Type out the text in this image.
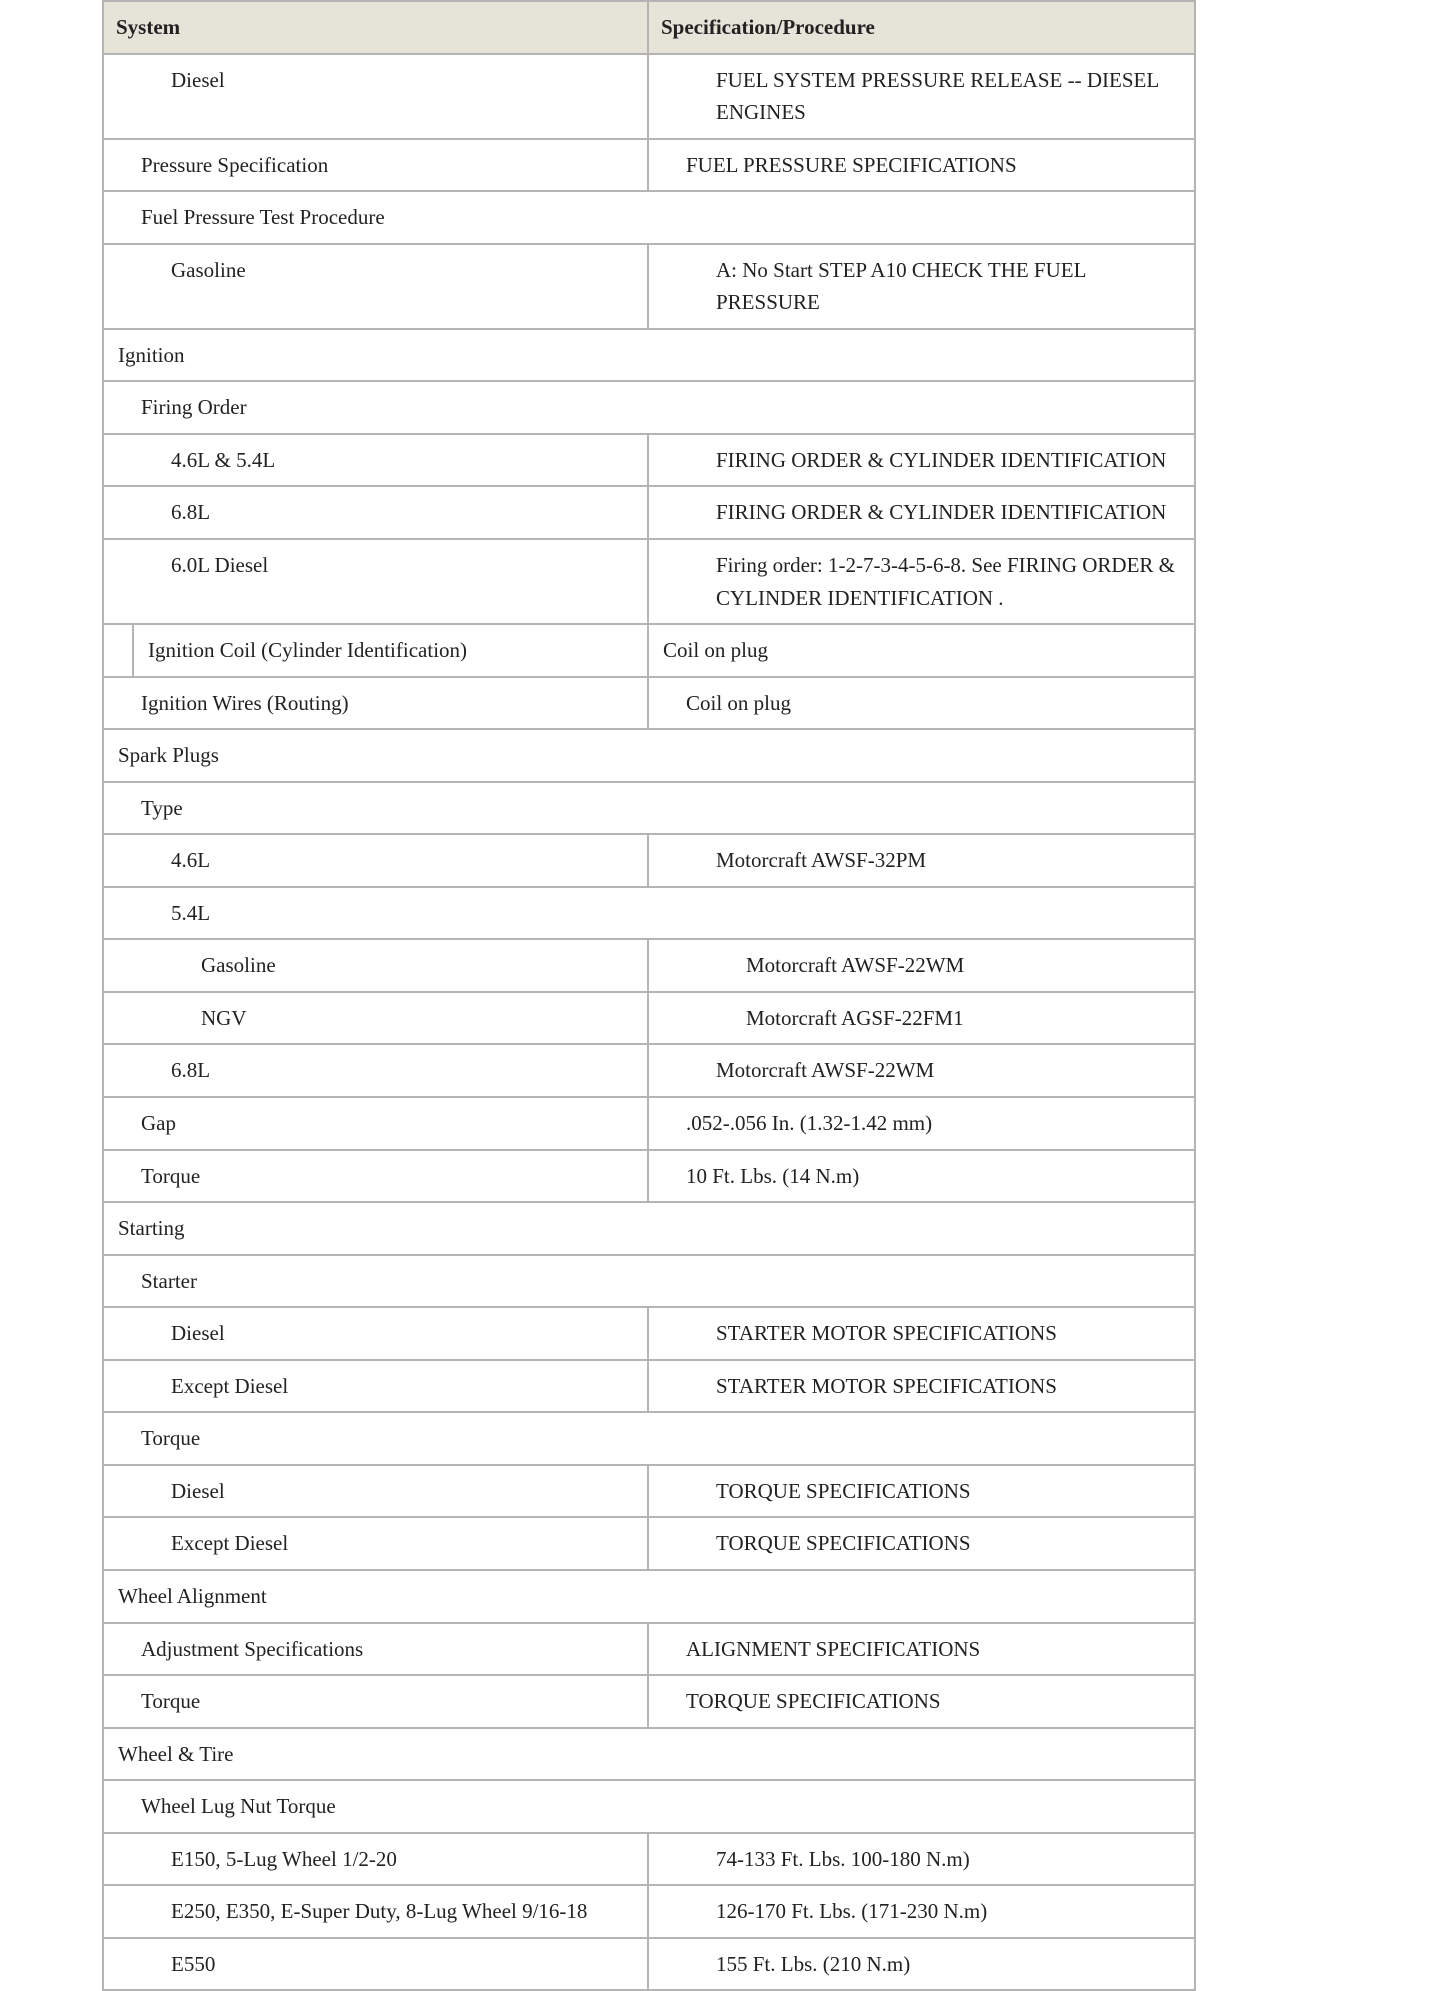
System	Specification/Procedure
Diesel	FUEL SYSTEM PRESSURE RELEASE -- DIESEL ENGINES
Pressure Specification	FUEL PRESSURE SPECIFICATIONS
Fuel Pressure Test Procedure	
Gasoline	A: No Start STEP A10 CHECK THE FUEL PRESSURE
Ignition	
Firing Order	
4.6L & 5.4L	FIRING ORDER & CYLINDER IDENTIFICATION
6.8L	FIRING ORDER & CYLINDER IDENTIFICATION
6.0L Diesel	Firing order: 1-2-7-3-4-5-6-8. See FIRING ORDER & CYLINDER IDENTIFICATION .

Ignition Coil (Cylinder Identification)	Coil on plug
Ignition Wires (Routing)	Coil on plug
Spark Plugs	
Type	
4.6L	Motorcraft AWSF-32PM
5.4L	
Gasoline	Motorcraft AWSF-22WM
NGV	Motorcraft AGSF-22FM1
6.8L	Motorcraft AWSF-22WM
Gap	.052-.056 In. (1.32-1.42 mm)
Torque	10 Ft. Lbs. (14 N.m)
Starting	
Starter	
Diesel	STARTER MOTOR SPECIFICATIONS
Except Diesel	STARTER MOTOR SPECIFICATIONS
Torque	
Diesel	TORQUE SPECIFICATIONS
Except Diesel	TORQUE SPECIFICATIONS
Wheel Alignment	
Adjustment Specifications	ALIGNMENT SPECIFICATIONS
Torque	TORQUE SPECIFICATIONS
Wheel & Tire	
Wheel Lug Nut Torque	
E150, 5-Lug Wheel 1/2-20	74-133 Ft. Lbs. 100-180 N.m)
E250, E350, E-Super Duty, 8-Lug Wheel 9/16-18	126-170 Ft. Lbs. (171-230 N.m)
E550	155 Ft. Lbs. (210 N.m)
